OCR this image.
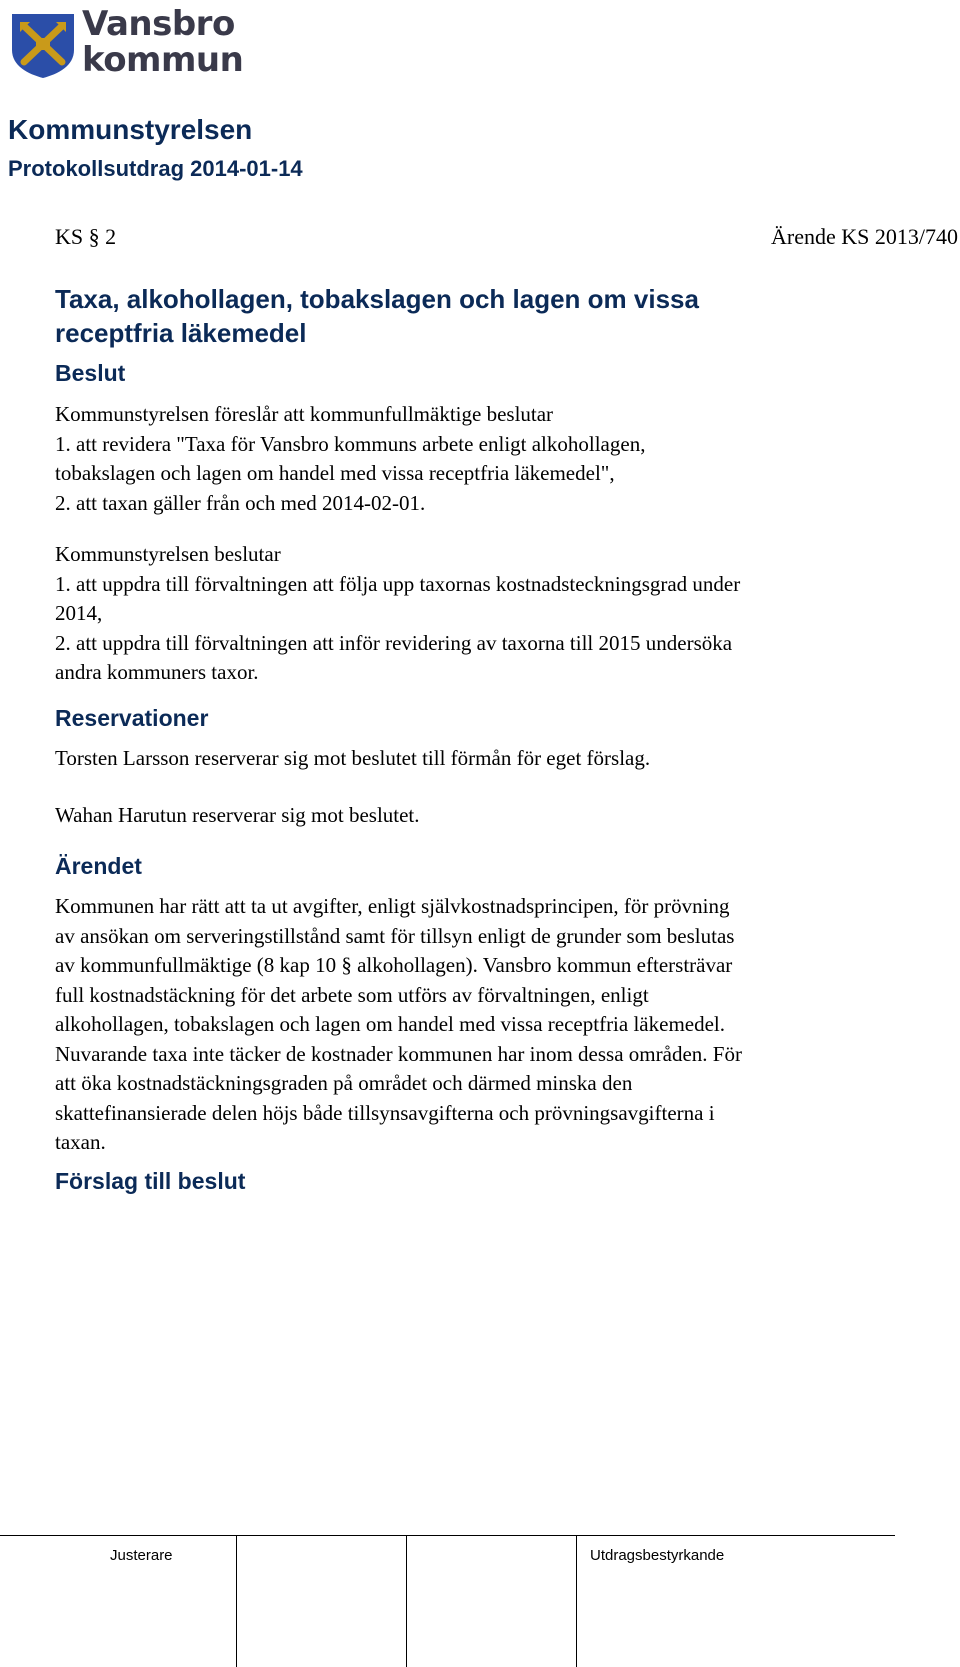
Vansbro
kommun
Kommunstyrelsen
Protokollsutdrag 2014-01-14
KS § 2	Ärende KS 2013/740
Taxa, alkohollagen, tobakslagen och lagen om vissa receptfria läkemedel
Beslut
Kommunstyrelsen föreslår att kommunfullmäktige beslutar
1. att revidera "Taxa för Vansbro kommuns arbete enligt alkohollagen,
tobakslagen och lagen om handel med vissa receptfria läkemedel",
2. att taxan gäller från och med 2014-02-01.
Kommunstyrelsen beslutar
1. att uppdra till förvaltningen att följa upp taxornas kostnadsteckningsgrad under
2014,
2. att uppdra till förvaltningen att inför revidering av taxorna till 2015 undersöka
andra kommuners taxor.
Reservationer
Torsten Larsson reserverar sig mot beslutet till förmån för eget förslag.
Wahan Harutun reserverar sig mot beslutet.
Ärendet
Kommunen har rätt att ta ut avgifter, enligt självkostnadsprincipen, för prövning
av ansökan om serveringstillstånd samt för tillsyn enligt de grunder som beslutas
av kommunfullmäktige (8 kap 10 § alkohollagen). Vansbro kommun eftersträvar
full kostnadstäckning för det arbete som utförs av förvaltningen, enligt
alkohollagen, tobakslagen och lagen om handel med vissa receptfria läkemedel.
Nuvarande taxa inte täcker de kostnader kommunen har inom dessa områden. För
att öka kostnadstäckningsgraden på området och därmed minska den
skattefinansierade delen höjs både tillsynsavgifterna och prövningsavgifterna i
taxan.
Förslag till beslut
Justerare	Utdragsbestyrkande
